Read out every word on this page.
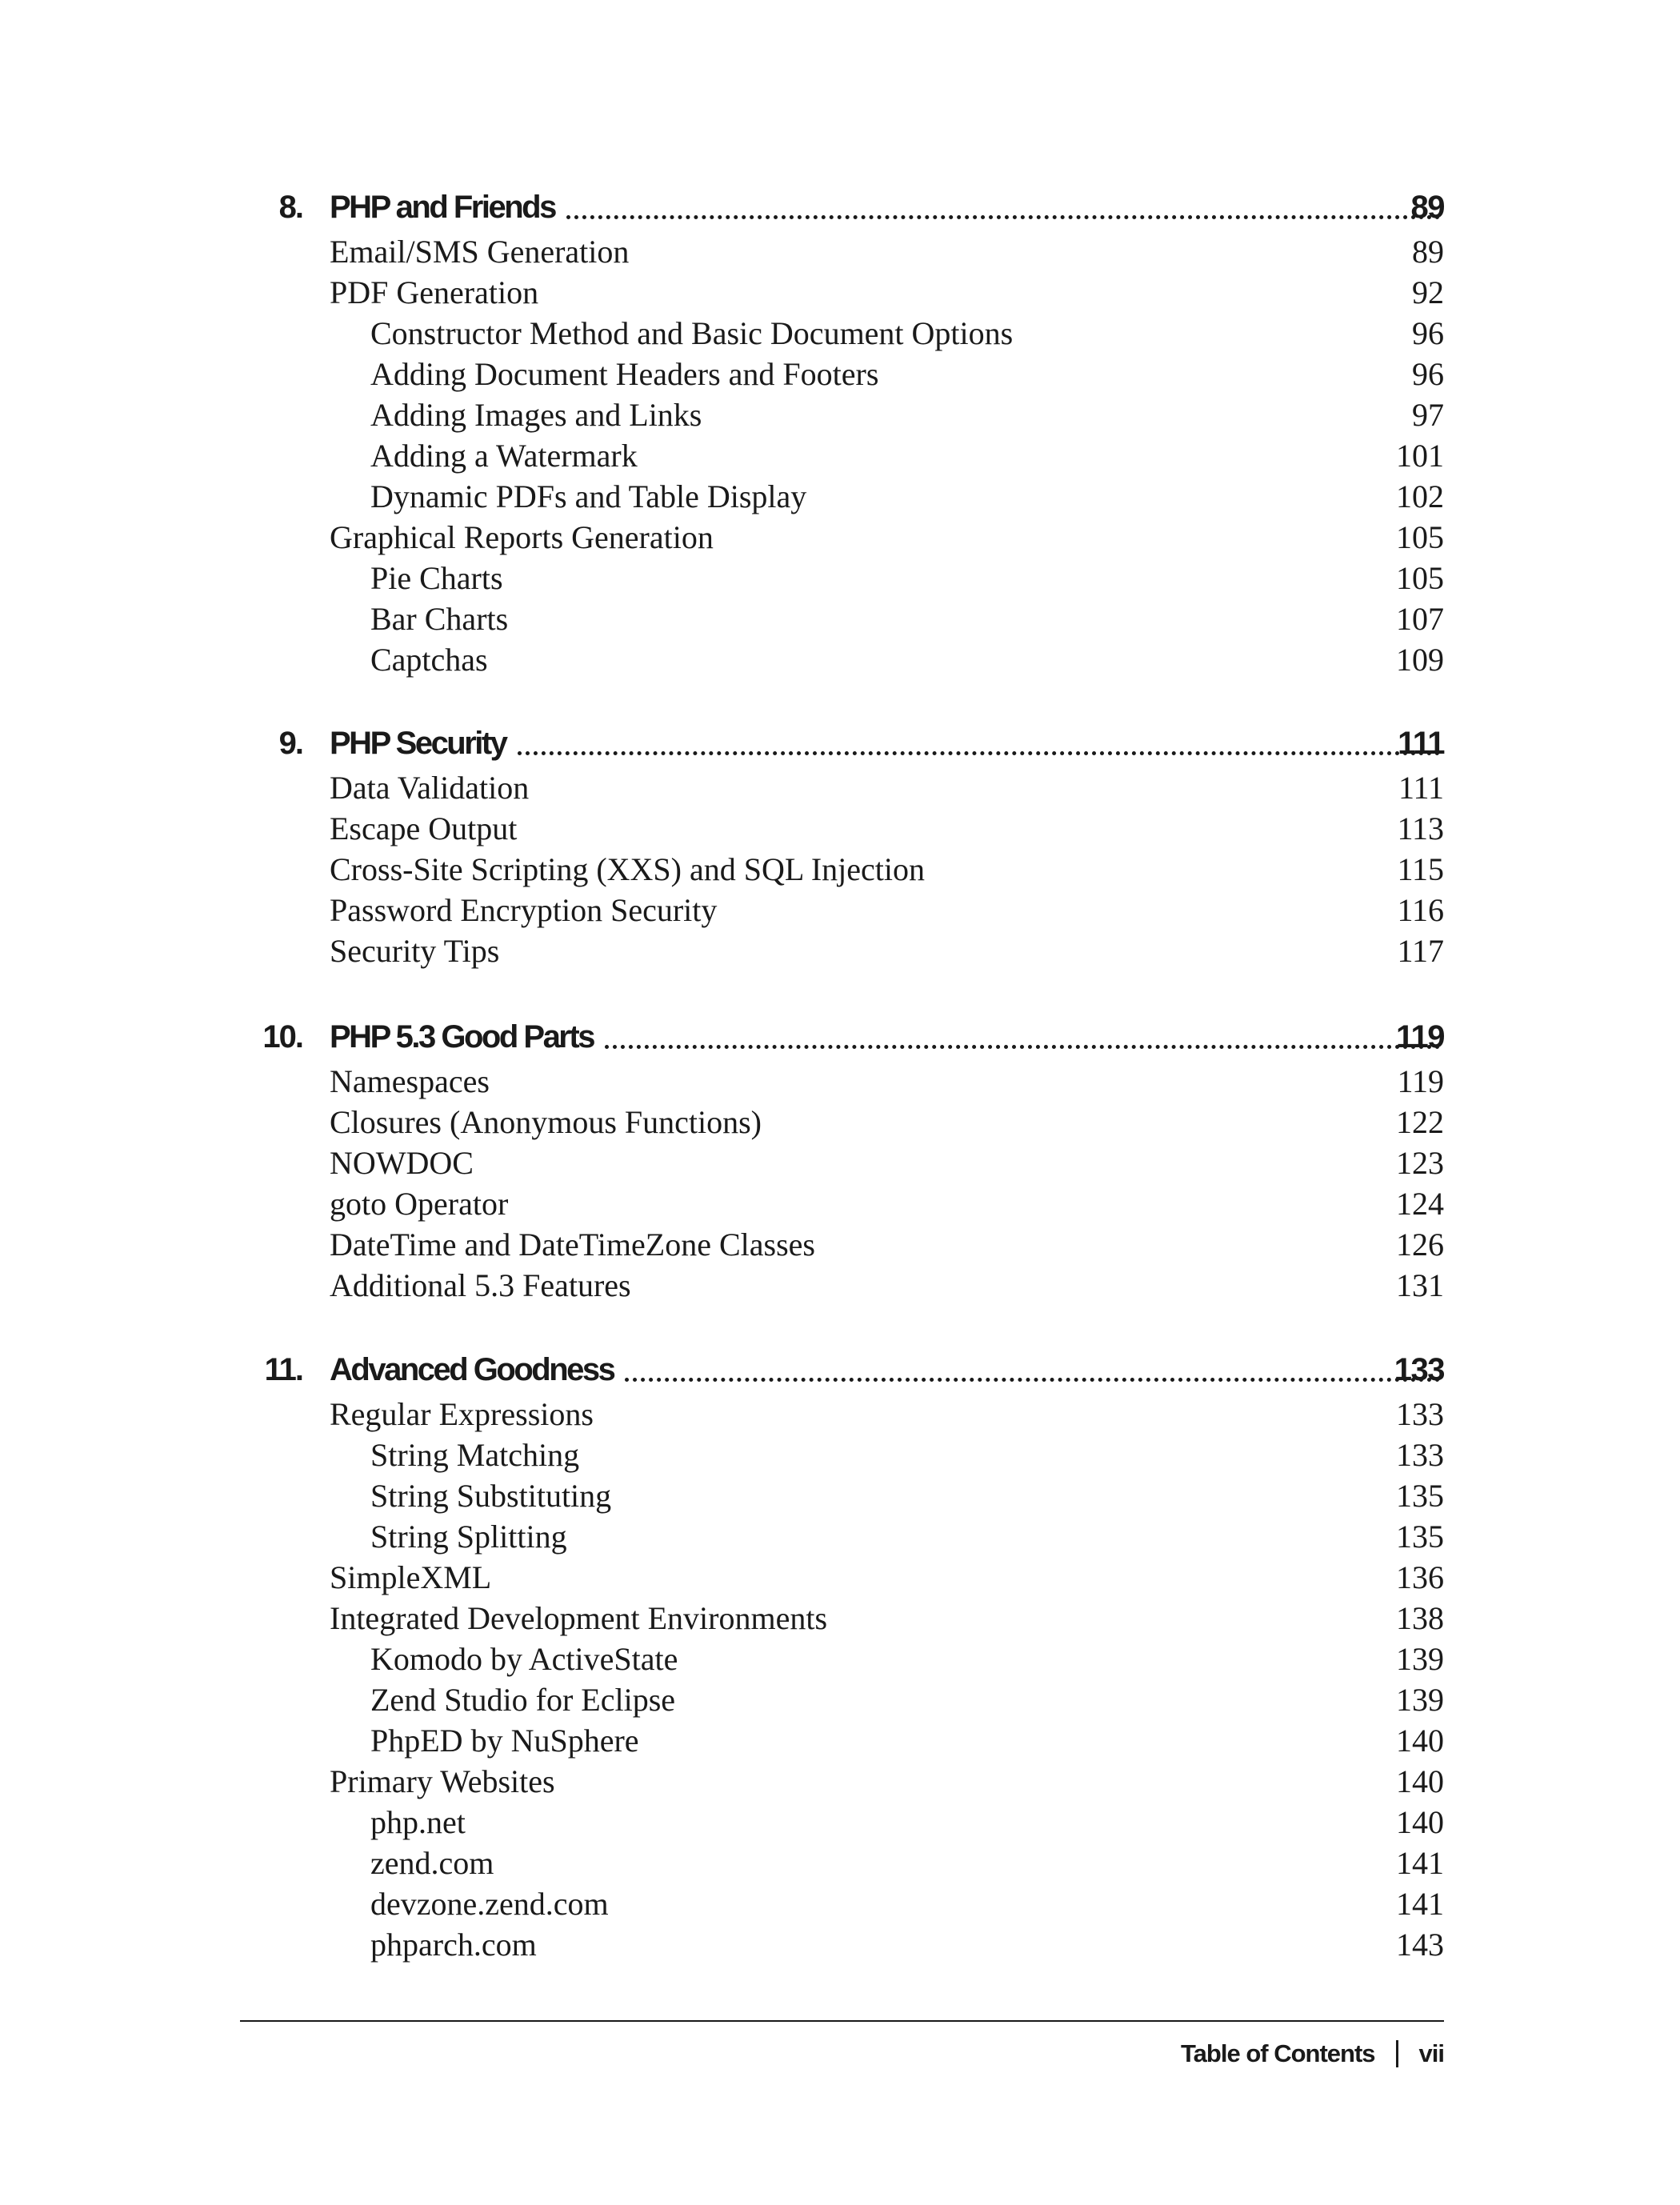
8. PHP and Friends	89
Email/SMS Generation	89
PDF Generation	92
Constructor Method and Basic Document Options	96
Adding Document Headers and Footers	96
Adding Images and Links	97
Adding a Watermark	101
Dynamic PDFs and Table Display	102
Graphical Reports Generation	105
Pie Charts	105
Bar Charts	107
Captchas	109
9. PHP Security	111
Data Validation	111
Escape Output	113
Cross-Site Scripting (XXS) and SQL Injection	115
Password Encryption Security	116
Security Tips	117
10. PHP 5.3 Good Parts	119
Namespaces	119
Closures (Anonymous Functions)	122
NOWDOC	123
goto Operator	124
DateTime and DateTimeZone Classes	126
Additional 5.3 Features	131
11. Advanced Goodness	133
Regular Expressions	133
String Matching	133
String Substituting	135
String Splitting	135
SimpleXML	136
Integrated Development Environments	138
Komodo by ActiveState	139
Zend Studio for Eclipse	139
PhpED by NuSphere	140
Primary Websites	140
php.net	140
zend.com	141
devzone.zend.com	141
phparch.com	143
Table of Contents vii
